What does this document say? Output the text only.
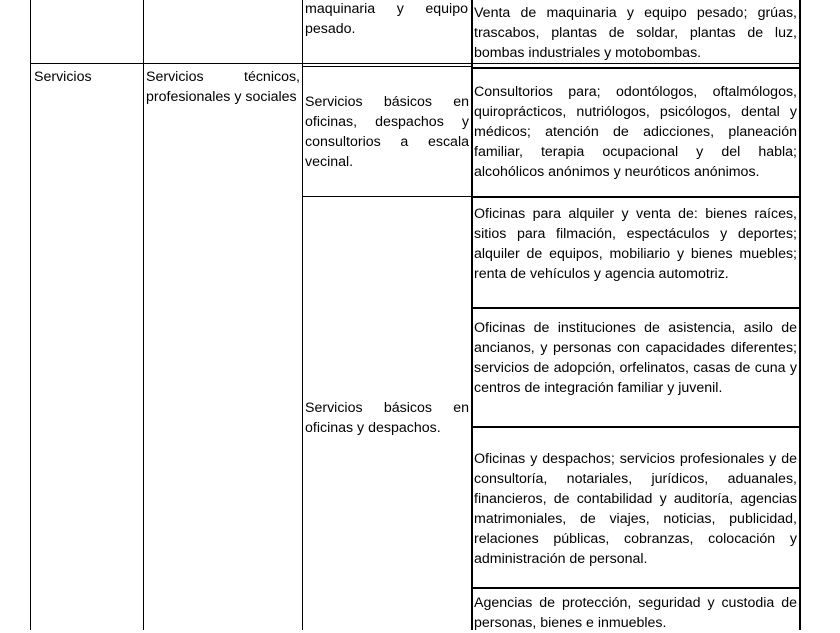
maquinaria y equipo pesado.
Venta de maquinaria y equipo pesado; grúas, trascabos, plantas de soldar, plantas de luz, bombas industriales y motobombas.
Servicios	Servicios técnicos, profesionales y sociales Servicios básicos en oficinas, despachos y consultorios a escala vecinal.
Consultorios para; odontólogos, oftalmólogos, quiroprácticos, nutriólogos, psicólogos, dental y médicos; atención de adicciones, planeación familiar, terapia ocupacional y del habla; alcohólicos anónimos y neuróticos anónimos.
Servicios básicos en oficinas y despachos.
Oficinas para alquiler y venta de: bienes raíces, sitios para filmación, espectáculos y deportes; alquiler de equipos, mobiliario y bienes muebles; renta de vehículos y agencia automotriz.
Oficinas de instituciones de asistencia, asilo de ancianos, y personas con capacidades diferentes; servicios de adopción, orfelinatos, casas de cuna y centros de integración familiar y juvenil.
Oficinas y despachos; servicios profesionales y de consultoría, notariales, jurídicos, aduanales, financieros, de contabilidad y auditoría, agencias matrimoniales, de viajes, noticias, publicidad, relaciones públicas, cobranzas, colocación y administración de personal.
Agencias de protección, seguridad y custodia de personas, bienes e inmuebles.
